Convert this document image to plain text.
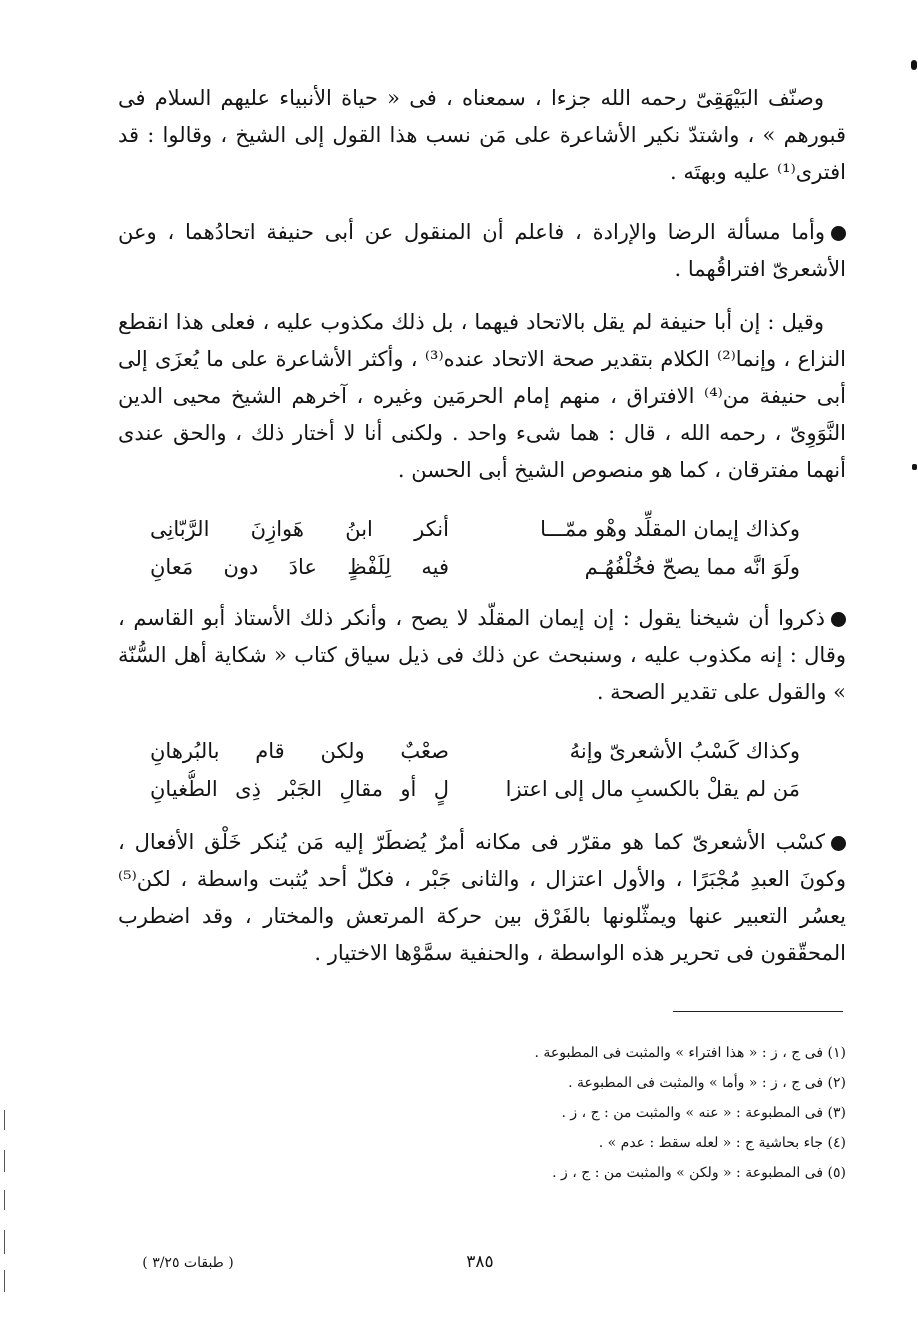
وصنّف البَيْهَقِىّ رحمه الله جزءا ، سمعناه ، فى « حياة الأنبياء عليهم السلام فى قبورهم » ، واشتدّ نكير الأشاعرة على مَن نسب هذا القول إلى الشيخ ، وقالوا : قد افترى⁽¹⁾ عليه وبهتَه .

وأما مسألة الرضا والإرادة ، فاعلم أن المنقول عن أبى حنيفة اتحادُهما ، وعن الأشعرىّ افتراقُهما .

وقيل : إن أبا حنيفة لم يقل بالاتحاد فيهما ، بل ذلك مكذوب عليه ، فعلى هذا انقطع النزاع ، وإنما⁽²⁾ الكلام بتقدير صحة الاتحاد عنده⁽³⁾ ، وأكثر الأشاعرة على ما يُعزَى إلى أبى حنيفة من⁽⁴⁾ الافتراق ، منهم إمام الحرمَين وغيره ، آخرهم الشيخ محيى الدين النَّوَوِىّ ، رحمه الله ، قال : هما شىء واحد . ولكنى أنا لا أختار ذلك ، والحق عندى أنهما مفترقان ، كما هو منصوص الشيخ أبى الحسن .

وكذاك إيمان المقلِّد وهْو ممّـــا
أنكر ابنُ هَوازِنَ الرَّبّانِى
ولَوَ انَّه مما يصحّ فخُلْفُهُـم
فيه لِلَفْظٍ عادَ دون مَعانِ

ذكروا أن شيخنا يقول : إن إيمان المقلّد لا يصح ، وأنكر ذلك الأستاذ أبو القاسم ، وقال : إنه مكذوب عليه ، وسنبحث عن ذلك فى ذيل سياق كتاب « شكاية أهل السُّنّة » والقول على تقدير الصحة .

وكذاك كَسْبُ الأشعرىّ وإنهُ
صعْبٌ ولكن قام بالبُرهانِ
مَن لم يقلْ بالكسبِ مال إلى اعتزا
لٍ أو مقالِ الجَبْر ذِى الطُّغيانِ

كسْب الأشعرىّ كما هو مقرّر فى مكانه أمرٌ يُضطَرّ إليه مَن يُنكر خَلْق الأفعال ، وكونَ العبدِ مُجْبَرًا ، والأول اعتزال ، والثانى جَبْر ، فكلّ أحد يُثبت واسطة ، لكن⁽⁵⁾ يعسُر التعبير عنها ويمثّلونها بالفَرْق بين حركة المرتعش والمختار ، وقد اضطرب المحقّقون فى تحرير هذه الواسطة ، والحنفية سمَّوْها الاختيار .

(١) فى ج ، ز : « هذا افتراء » والمثبت فى المطبوعة .

(٢) فى ج ، ز : « وأما » والمثبت فى المطبوعة .

(٣) فى المطبوعة : « عنه » والمثبت من : ج ، ز .

(٤) جاء بحاشية ج : « لعله سقط : عدم » .

(٥) فى المطبوعة : « ولكن » والمثبت من : ج ، ز .

٣٨٥
( طبقات ٣/٢٥ )
